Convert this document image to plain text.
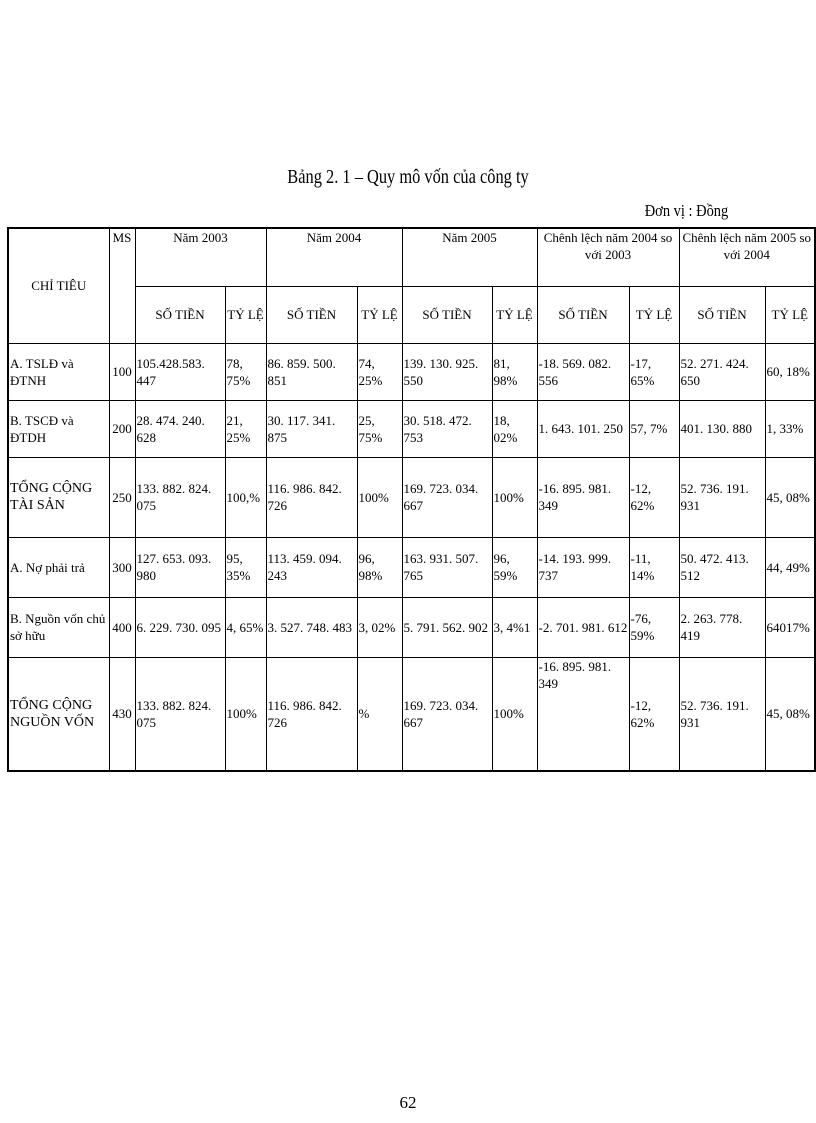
Bảng 2. 1 – Quy mô vốn của công ty
Đơn vị : Đồng
CHỈ TIÊU	MS	Năm 2003		Năm 2004		Năm 2005		Chênh lệch năm 2004 so với 2003		Chênh lệch năm 2005 so với 2004	
		SỐ TIỀN	TỶ LỆ	SỐ TIỀN	TỶ LỆ	SỐ TIỀN	TỶ LỆ	SỐ TIỀN	TỶ LỆ	SỐ TIỀN	TỶ LỆ
A. TSLĐ và ĐTNH	100	105.428.583. 447	78, 75%	86. 859. 500. 851	74, 25%	139. 130. 925. 550	81, 98%	-18. 569. 082. 556	-17, 65%	52. 271. 424. 650	60, 18%
B. TSCĐ và ĐTDH	200	28. 474. 240. 628	21, 25%	30. 117. 341. 875	25, 75%	30. 518. 472. 753	18, 02%	1. 643. 101. 250	57, 7%	401. 130. 880	1, 33%
TỔNG CỘNG TÀI SẢN	250	133. 882. 824. 075	100,%	116. 986. 842. 726	100%	169. 723. 034. 667	100%	-16. 895. 981. 349	-12, 62%	52. 736. 191. 931	45, 08%
A. Nợ phải trả	300	127. 653. 093. 980	95, 35%	113. 459. 094. 243	96, 98%	163. 931. 507. 765	96, 59%	-14. 193. 999. 737	-11, 14%	50. 472. 413. 512	44, 49%
B. Nguồn vốn chủ sở hữu	400	6. 229. 730. 095	4, 65%	3. 527. 748. 483	3, 02%	5. 791. 562. 902	3, 4%1	-2. 701. 981. 612	-76, 59%	2. 263. 778. 419	64017%
TỔNG CỘNG NGUỒN VỐN	430	133. 882. 824. 075	100%	116. 986. 842. 726	%	169. 723. 034. 667	100%	-16. 895. 981. 349	-12, 62%	52. 736. 191. 931	45, 08%
62
